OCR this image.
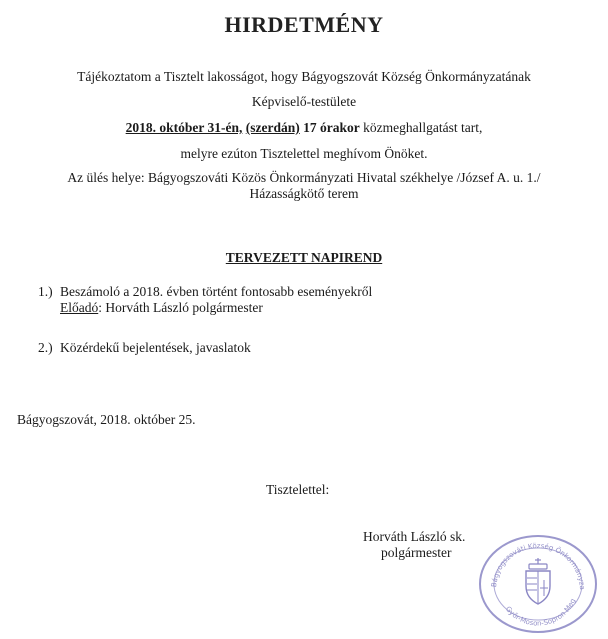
HIRDETMÉNY
Tájékoztatom a Tisztelt lakosságot, hogy Bágyogszovát Község Önkormányzatának
Képviselő-testülete
2018. október 31-én, (szerdán) 17 órakor közmeghallgatást tart,
melyre ezúton Tisztelettel meghívom Önöket.
Az ülés helye: Bágyogszováti Közös Önkormányzati Hivatal székhelye /József A. u. 1./
Házasságkötő terem
TERVEZETT NAPIREND
1.) Beszámoló a 2018. évben történt fontosabb eseményekről
Előadó: Horváth László polgármester
2.) Közérdekű bejelentések, javaslatok
Bágyogszovát, 2018. október 25.
Tisztelettel:
Horváth László sk.
polgármester
Bágyogszováti Község Önkormányza
Győr-Moson-Sopron Meg
